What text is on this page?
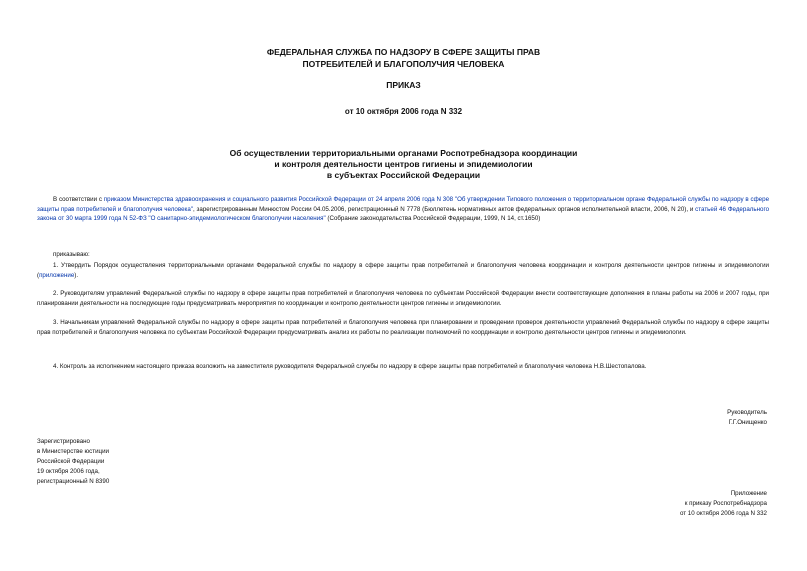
ФЕДЕРАЛЬНАЯ СЛУЖБА ПО НАДЗОРУ В СФЕРЕ ЗАЩИТЫ ПРАВ
ПОТРЕБИТЕЛЕЙ И БЛАГОПОЛУЧИЯ ЧЕЛОВЕКА
ПРИКАЗ
от 10 октября 2006 года N 332
Об осуществлении территориальными органами Роспотребнадзора координации
и контроля деятельности центров гигиены и эпидемиологии
в субъектах Российской Федерации
В соответствии с приказом Министерства здравоохранения и социального развития Российской Федерации от 24 апреля 2006 года N 308 "Об утверждении Типового положения о территориальном органе Федеральной службы по надзору в сфере защиты прав потребителей и благополучия человека", зарегистрированным Минюстом России 04.05.2006, регистрационный N 7778 (Бюллетень нормативных актов федеральных органов исполнительной власти, 2006, N 20), и статьей 46 Федерального закона от 30 марта 1999 года N 52-ФЗ "О санитарно-эпидемиологическом благополучии населения" (Собрание законодательства Российской Федерации, 1999, N 14, ст.1650)
приказываю:
1. Утвердить Порядок осуществления территориальными органами Федеральной службы по надзору в сфере защиты прав потребителей и благополучия человека координации и контроля деятельности центров гигиены и эпидемиологии (приложение).
2. Руководителям управлений Федеральной службы по надзору в сфере защиты прав потребителей и благополучия человека по субъектам Российской Федерации внести соответствующие дополнения в планы работы на 2006 и 2007 годы, при планировании деятельности на последующие годы предусматривать мероприятия по координации и контролю деятельности центров гигиены и эпидемиологии.
3. Начальникам управлений Федеральной службы по надзору в сфере защиты прав потребителей и благополучия человека при планировании и проведении проверок деятельности управлений Федеральной службы по надзору в сфере защиты прав потребителей и благополучия человека по субъектам Российской Федерации предусматривать анализ их работы по реализации полномочий по координации и контролю деятельности центров гигиены и эпидемиологии.
4. Контроль за исполнением настоящего приказа возложить на заместителя руководителя Федеральной службы по надзору в сфере защиты прав потребителей и благополучия человека Н.В.Шестопалова.
Руководитель
Г.Г.Онищенко
Зарегистрировано
в Министерстве юстиции
Российской Федерации
19 октября 2006 года,
регистрационный N 8390
Приложение
к приказу Роспотребнадзора
от 10 октября 2006 года N 332
